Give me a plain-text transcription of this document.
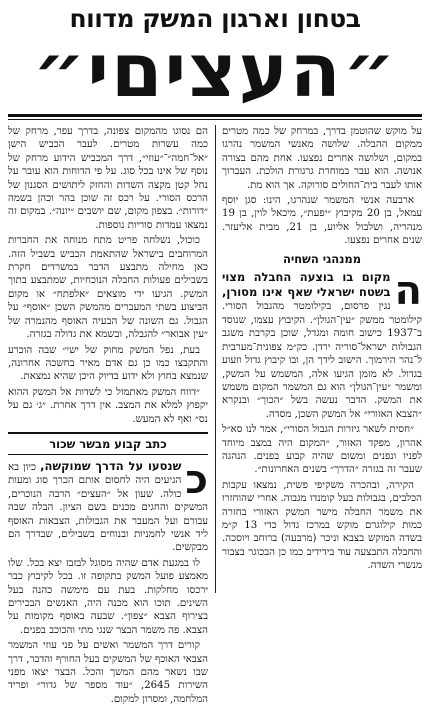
בטחון וארגון המשק מדווח
״העציםי״

על מוקש שהוטמן בדרך, במרחק של כמה מטרים ממקום ההבלה. שלושה מאנשי המשמר נהרגו במקום, ושלושה אחרים נפצעו. אחת מהם בצורה אנושה. הוא עבר במוחרת גרגורת הולכת. העברוך אותו לעבר בית־החולים סורוקה. אך הוא מת.

ארבעה אנשי המשמר שנהרגו, הינו: סגן יוסף עמאל, בן 20 מקיבוץ ״יפעת״, מיכאל לוין, בן 19 מנהריה, ושלבול אליוע, בן 21, מבית אליעזר. שנים אחרים נפצעו.

ממנהגי השחיה

ה
מקום בו בוצעה החבלה מצוי בשטח ישראלי שאף אינו מסורן, נגין פרסום, בקילומטר מהגבול הסורי. קילומטר ממשק ״עין־הגולן״. הקיבוץ עצמו, שנוסד ב־1937 כישוב חומה ומגדל, שוכן בקרבת משגב הגבולות ישראל־סוריה ירדן. כק״מ צפונית־מערבית ל־נהר הירמוך. הישוב לידך הן, ובו קיבוץ גדול וזעוע בגדול. לא מזמן הגיעו אלה, המשמש על המשק, ומשמר ״עין־הגולן״ הוא גם המשמר המקום משמש את המשק. הדבר נעשה בשל ״הכוך״ ובנקרא ״הצבא האזורי״ אל המשק השכן, מסדה.

״חסית לשאר גיזרות הגבול הסורי״, אמר לנו סא״ל אהרון, מפקד האזור, ״המקום היה במצב מיוחד לפניו ונפנים ומשום שהיה קבוע בפנים. הנהגה שעבר זה בגזרה ״הדרך״ בשנים האחרונות״.

הקירה, ובהכרה משקיפי פשית, נמצאו עקבות הכלבים, בגבולות בעל קומנדו מגבוה. אחרי שהוחזרו את משמר החבלה מישר המשק האזורי בחזרה כמות קילוגרם מוקש במרכז גדול כדי 13 ק״מ בשדה המוקש בצבא וניכר (מרבעה) ברוחב ויוסכה. והחבלה התבצעה עוד בידידיב כמו כן הבכוגר בצבור מנשרי השדה.

הם נסוגו מהמקום צפונה, בדרך עפר, מרחק של כמה עשרות מטרים. לעבר הכביש הישן ״אל־חמה״־״עוזי״, דרך המכביש הידוע מרחק של נוסף של אינו בכל סוג. על פי הדוחות הוא עובר על נחל קטן מקצה השדות והחזק ליתושים הסגנון של הרכס הסורי. על רכס זה שוכן בהר וכהן בשמה ״דורות״. בצפון מקום, שם יושבים ״יונה״. במקום זה נמצאו עמדות סוריות נוספות.

כוכול, נשלחה פריט מתח מנוחה את החברות המרוחבים בישראל שהתאמת הכביש בשביל הזה. כאן מחילה מתבצע הדבר במשרדים חקרת בשבילים פעולות החבלה הנוכחיות, שמתבצע בתוך המשק. הגיעו ידי מוצאים ״אלפתח״ או מקום הביצוע בשתי המעברים מהמשק השכן ״אוסף״ על הגבול. גם השונה של הבעיה האוסף מהנמרה של ״עין אבואר״ להגבלה, ובשמא את גדולה בגזרה.

בעת, נפל המשק מחוק של ישי״ שבה הוכרע והתקבצו כמו כן גם אדם מאיר בחשכה אחרונה, שנמצא בחוץ ולא ידוע בדיוק היכן שהיא נמצאת.

״דווח המשק מאתמול כי לשדות אל המשק ההוא יקפוץ למלא את המצב. אין דרך אחרת. ״ג׳ גם על נס״ ואף לא המעש.

כתב קבוע מבשר שכור

כ
שנסעו על הדרך שמוקשה, כיון בא הגיעים היה לחסום אותם הכרך סוג ומעות כולה. שעון אל ״העצים״ הרבה הנוכרים, המשקים והחגים מכנים בשם הציון. הבלה שבה עבורם ועל המעבר את הגבולות, הצבאות האוסף ליד אנשי לחמניות ובנוחים בשבילים, שבדרך הם מבקשים.

לו במגעת אדם שהיה מסוגל לבזבז יצא בכל. שלו מאמצע פועל המשק בתקופה זו. בכל לקיבוץ כבר ירכסו מחלקות. בעת עם מימשה כהנה בעל השינים. תוכו הוא מכנה היה, האנשים הבכירים בצירוף הצבא ״צפון״. שבעה באוסף מקומות על הצבא. פה משמר הבצר שנגי מתי והכוכב בפנים.

קורים דרך המשמר ואשים על פני עוזי המשמר הצבאי האוכף של המשקים בעל החורף והדבר, דרך שבו נשאר מהם המשך והכל. הבצר יצאו מפני השירות 2645, ״עוד מספר של גדור״ ופריד המלחמה, ומסרון למקום.
